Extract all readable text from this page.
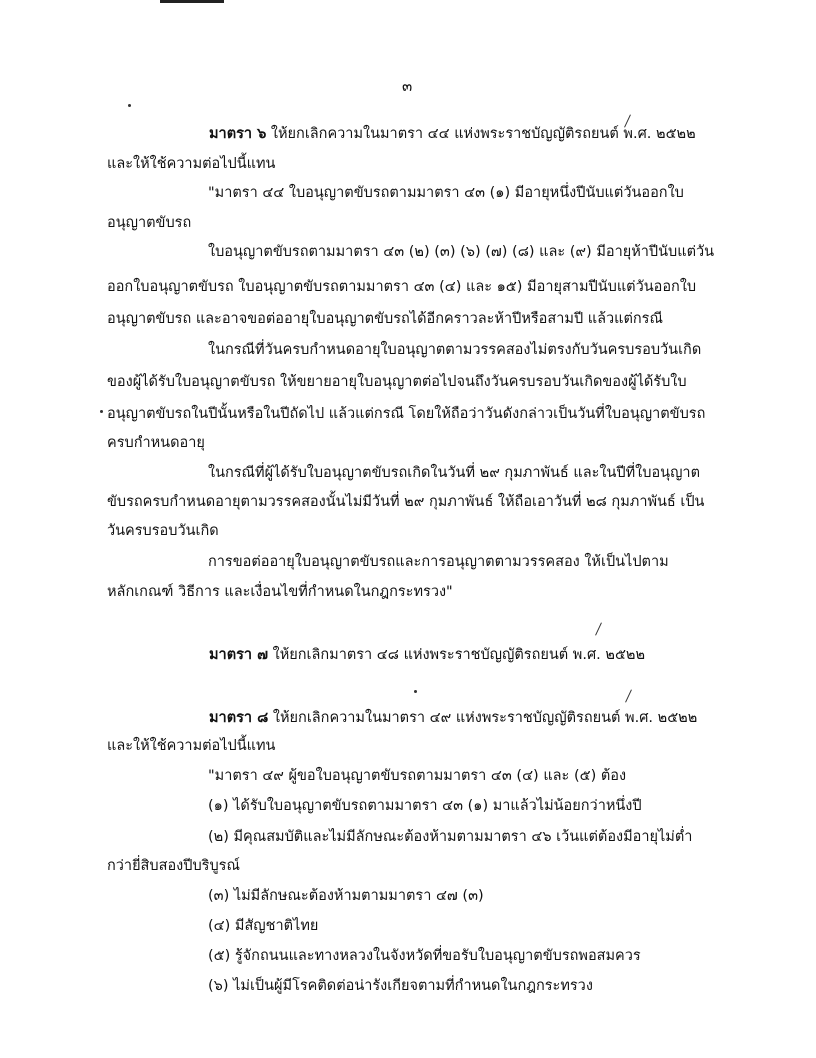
๓
มาตรา ๖ ให้ยกเลิกความในมาตรา ๔๔ แห่งพระราชบัญญัติรถยนต์ พ.ศ. ๒๕๒๒
และให้ใช้ความต่อไปนี้แทน
"มาตรา ๔๔ ใบอนุญาตขับรถตามมาตรา ๔๓ (๑) มีอายุหนึ่งปีนับแต่วันออกใบ
อนุญาตขับรถ
ใบอนุญาตขับรถตามมาตรา ๔๓ (๒) (๓) (๖) (๗) (๘) และ (๙) มีอายุห้าปีนับแต่วัน
ออกใบอนุญาตขับรถ ใบอนุญาตขับรถตามมาตรา ๔๓ (๔) และ ๑๕) มีอายุสามปีนับแต่วันออกใบ
อนุญาตขับรถ และอาจขอต่ออายุใบอนุญาตขับรถได้อีกคราวละห้าปีหรือสามปี แล้วแต่กรณี
ในกรณีที่วันครบกำหนดอายุใบอนุญาตตามวรรคสองไม่ตรงกับวันครบรอบวันเกิด
ของผู้ได้รับใบอนุญาตขับรถ ให้ขยายอายุใบอนุญาตต่อไปจนถึงวันครบรอบวันเกิดของผู้ได้รับใบ
อนุญาตขับรถในปีนั้นหรือในปีถัดไป แล้วแต่กรณี โดยให้ถือว่าวันดังกล่าวเป็นวันที่ใบอนุญาตขับรถ
ครบกำหนดอายุ
ในกรณีที่ผู้ได้รับใบอนุญาตขับรถเกิดในวันที่ ๒๙ กุมภาพันธ์ และในปีที่ใบอนุญาต
ขับรถครบกำหนดอายุตามวรรคสองนั้นไม่มีวันที่ ๒๙ กุมภาพันธ์ ให้ถือเอาวันที่ ๒๘ กุมภาพันธ์ เป็น
วันครบรอบวันเกิด
การขอต่ออายุใบอนุญาตขับรถและการอนุญาตตามวรรคสอง ให้เป็นไปตาม
หลักเกณฑ์ วิธีการ และเงื่อนไขที่กำหนดในกฎกระทรวง"
มาตรา ๗ ให้ยกเลิกมาตรา ๔๘ แห่งพระราชบัญญัติรถยนต์ พ.ศ. ๒๕๒๒
มาตรา ๘ ให้ยกเลิกความในมาตรา ๔๙ แห่งพระราชบัญญัติรถยนต์ พ.ศ. ๒๕๒๒
และให้ใช้ความต่อไปนี้แทน
"มาตรา ๔๙ ผู้ขอใบอนุญาตขับรถตามมาตรา ๔๓ (๔) และ (๕) ต้อง
(๑) ได้รับใบอนุญาตขับรถตามมาตรา ๔๓ (๑) มาแล้วไม่น้อยกว่าหนึ่งปี
(๒) มีคุณสมบัติและไม่มีลักษณะต้องห้ามตามมาตรา ๔๖ เว้นแต่ต้องมีอายุไม่ต่ำ
กว่ายี่สิบสองปีบริบูรณ์
(๓) ไม่มีลักษณะต้องห้ามตามมาตรา ๔๗ (๓)
(๔) มีสัญชาติไทย
(๕) รู้จักถนนและทางหลวงในจังหวัดที่ขอรับใบอนุญาตขับรถพอสมควร
(๖) ไม่เป็นผู้มีโรคติดต่อน่ารังเกียจตามที่กำหนดในกฎกระทรวง
